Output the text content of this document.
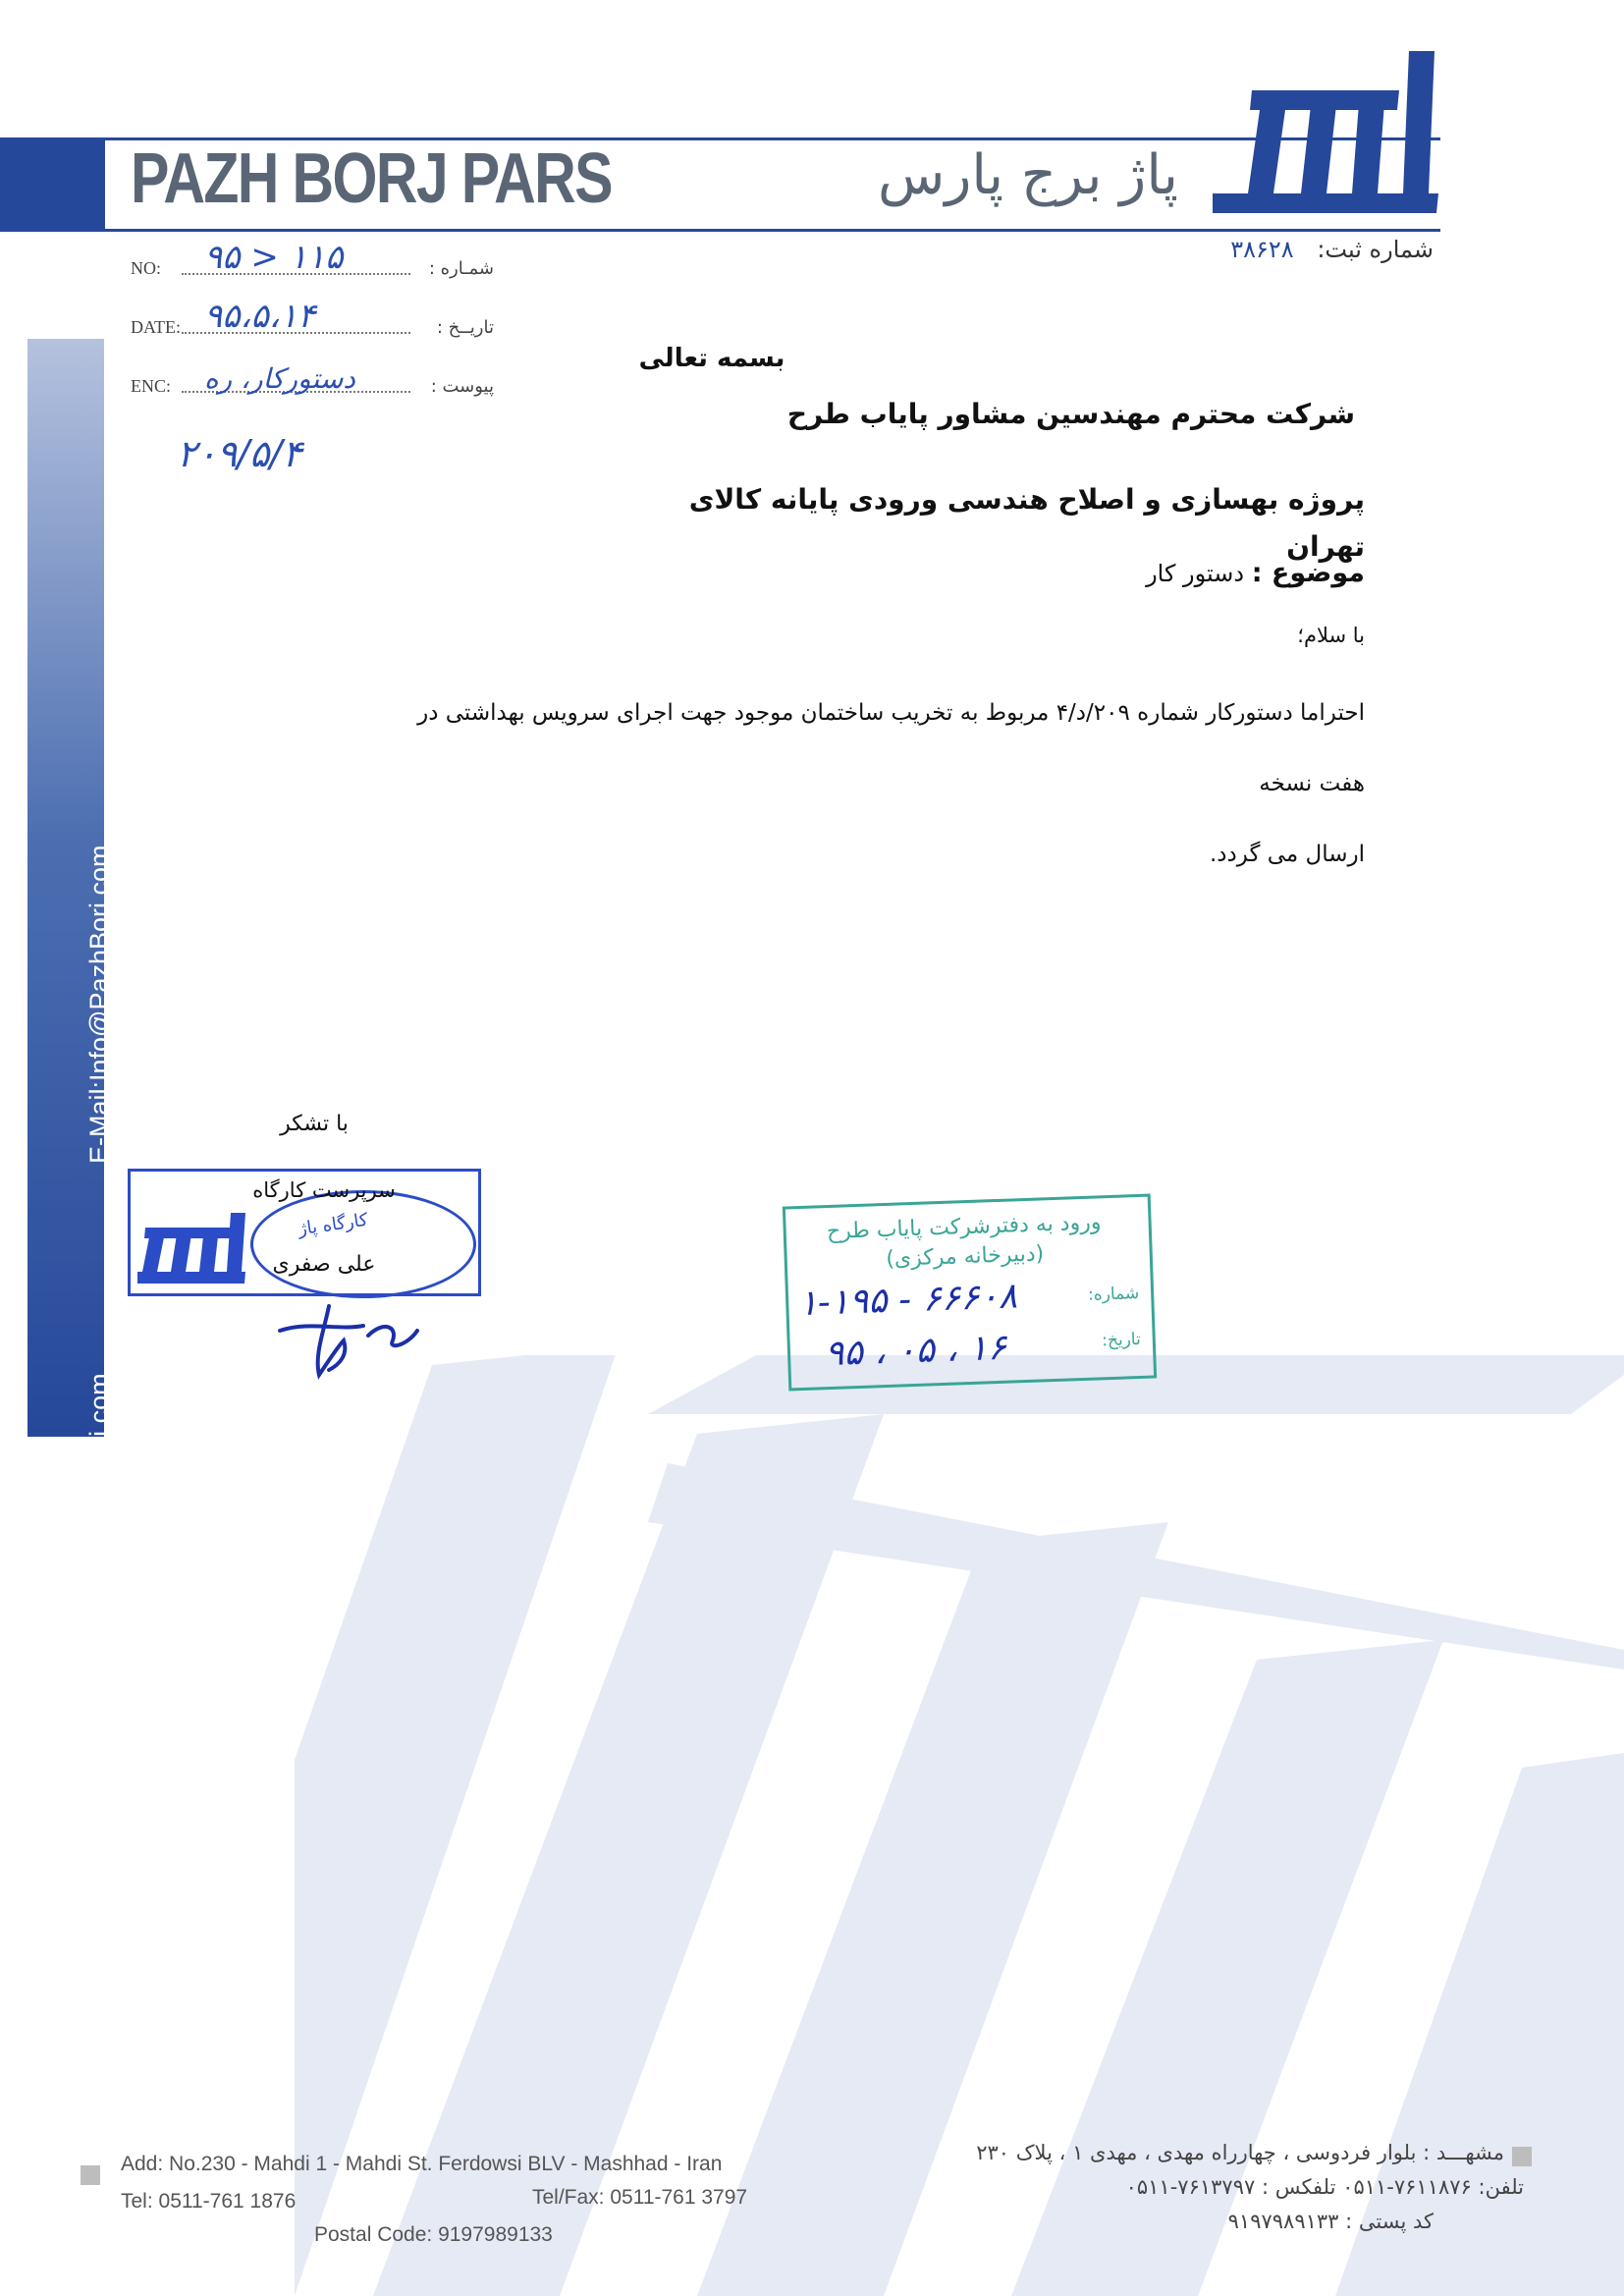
PAZH BORJ PARS	پاژ برج پارس
شماره ثبت: ۳۸۶۲۸
E-Mail:Info@PazhBorj.com
Web Site: www.PazhBorj.com
NO: ۹۵ > ۱۱۵	شمـاره :
DATE: ۹۵،۵،۱۴	تاریــخ :
ENC: دستورکار، ره	پیوست :
۲۰۹/۵/۴
بسمه تعالی
شرکت محترم مهندسین مشاور پایاب طرح
پروژه بهسازی و اصلاح هندسی ورودی پایانه کالای تهران
موضوع : دستور کار
با سلام؛
احتراما دستورکار شماره ۲۰۹/د/۴ مربوط به تخریب ساختمان موجود جهت اجرای سرویس بهداشتی در هفت نسخه
ارسال می گردد.
با تشکر
سرپرست کارگاه
کارگاه پاژ
علی صفری
ورود به دفترشرکت پایاب طرح
(دبیرخانه مرکزی)
شماره:
۱-۱۹۵ - ۶۶۶۰۸
تاریخ:
۹۵ ، ۰۵ ، ۱۶
Add: No.230 - Mahdi 1 - Mahdi St. Ferdowsi BLV - Mashhad - Iran
Tel: 0511-761 1876	Tel/Fax: 0511-761 3797
Postal Code: 9197989133
مشهـــد : بلوار فردوسی ، چهارراه مهدی ، مهدی ۱ ، پلاک ۲۳۰
تلفن: ۷۶۱۱۸۷۶-۰۵۱۱ تلفکس : ۷۶۱۳۷۹۷-۰۵۱۱
کد پستی : ۹۱۹۷۹۸۹۱۳۳
